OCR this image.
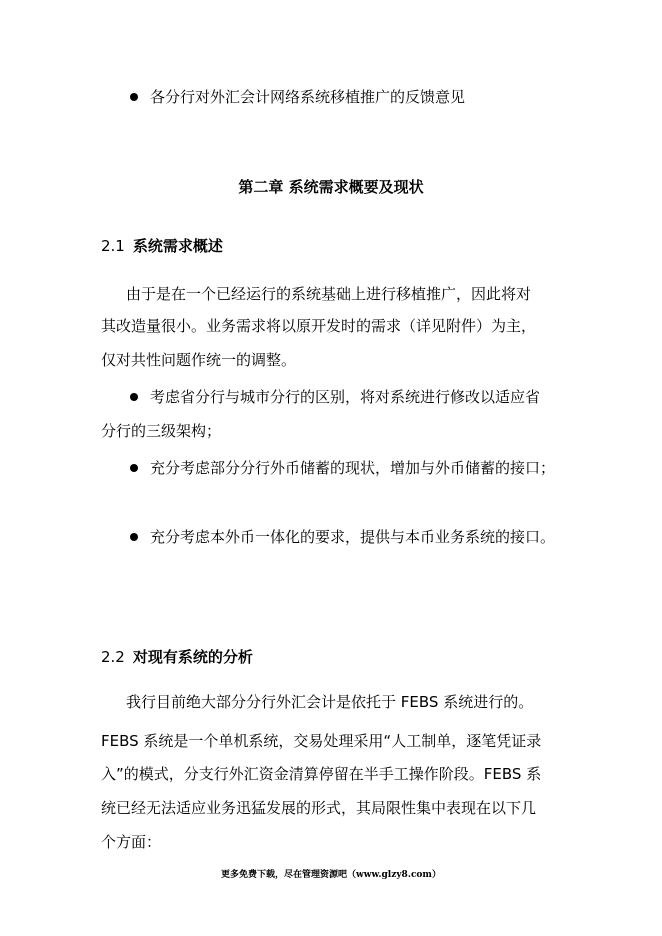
各分行对外汇会计网络系统移植推广的反馈意见
第二章 系统需求概要及现状
2.1 系统需求概述
由于是在一个已经运行的系统基础上进行移植推广，因此将对
其改造量很小。业务需求将以原开发时的需求（详见附件）为主，
仅对共性问题作统一的调整。
考虑省分行与城市分行的区别，将对系统进行修改以适应省
分行的三级架构；
充分考虑部分分行外币储蓄的现状，增加与外币储蓄的接口；
充分考虑本外币一体化的要求，提供与本币业务系统的接口。
2.2 对现有系统的分析
我行目前绝大部分分行外汇会计是依托于 FEBS 系统进行的。
FEBS 系统是一个单机系统，交易处理采用“人工制单，逐笔凭证录
入”的模式，分支行外汇资金清算停留在半手工操作阶段。FEBS 系
统已经无法适应业务迅猛发展的形式，其局限性集中表现在以下几
个方面：
更多免费下载，尽在管理资源吧（www.glzy8.com）
